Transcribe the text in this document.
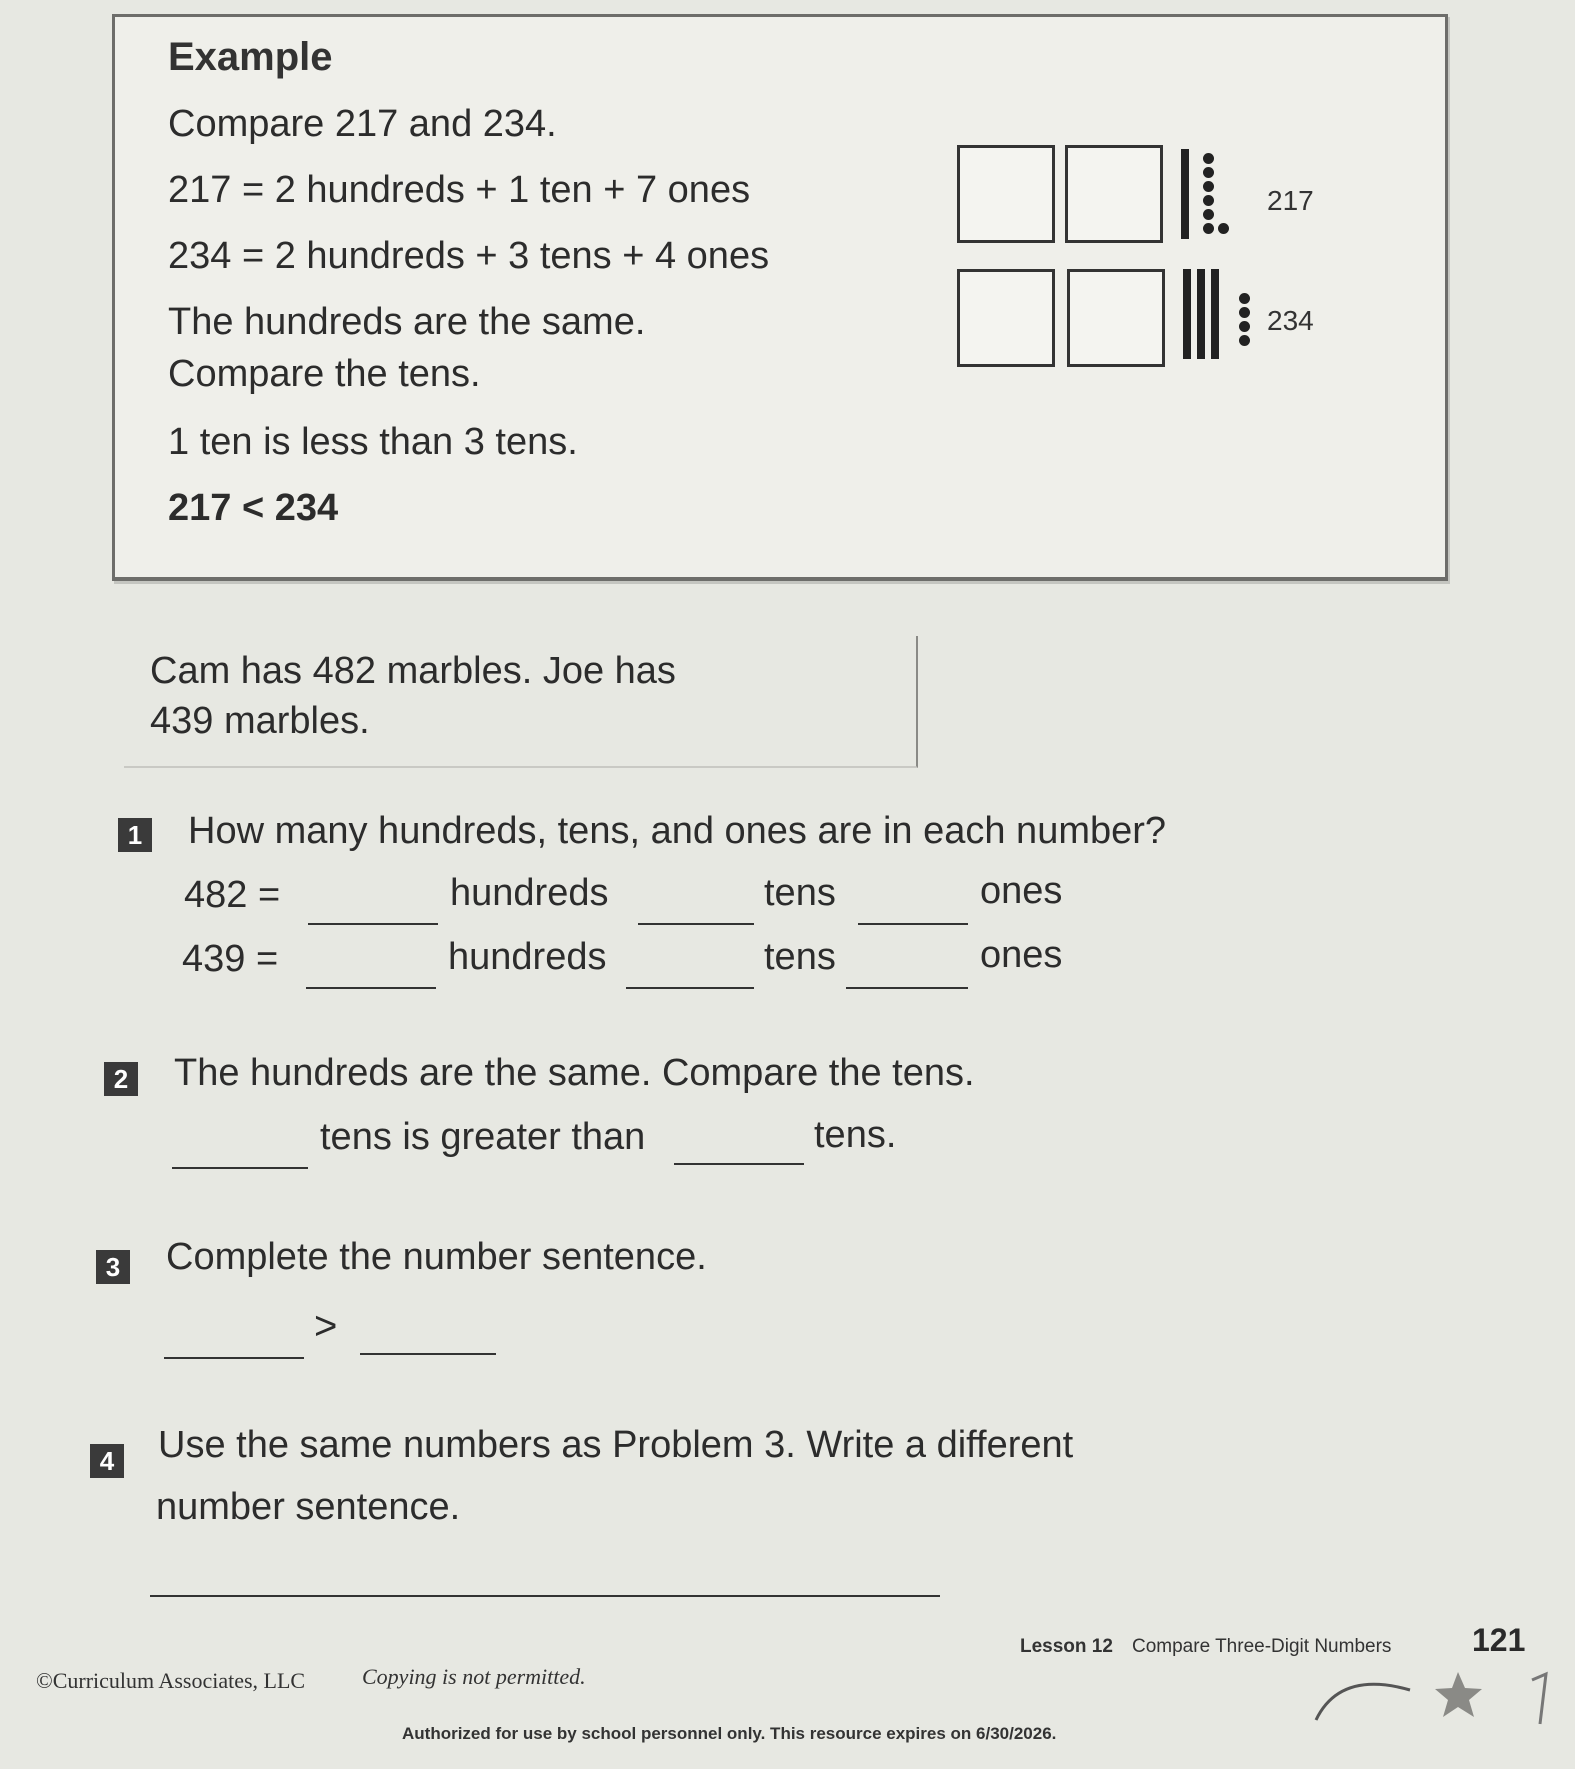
Example
Compare 217 and 234.
217 = 2 hundreds + 1 ten + 7 ones
234 = 2 hundreds + 3 tens + 4 ones
The hundreds are the same.
Compare the tens.
1 ten is less than 3 tens.
217 < 234
217
234
Cam has 482 marbles. Joe has
439 marbles.
1 How many hundreds, tens, and ones are in each number?
482 =	hundreds	tens	ones
439 =	hundreds	tens	ones
2 The hundreds are the same. Compare the tens.
tens is greater than	tens.
3 Complete the number sentence.
>
4 Use the same numbers as Problem 3. Write a different
number sentence.
©Curriculum Associates, LLC	Copying is not permitted.
Lesson 12 Compare Three-Digit Numbers	121
Authorized for use by school personnel only. This resource expires on 6/30/2026.
